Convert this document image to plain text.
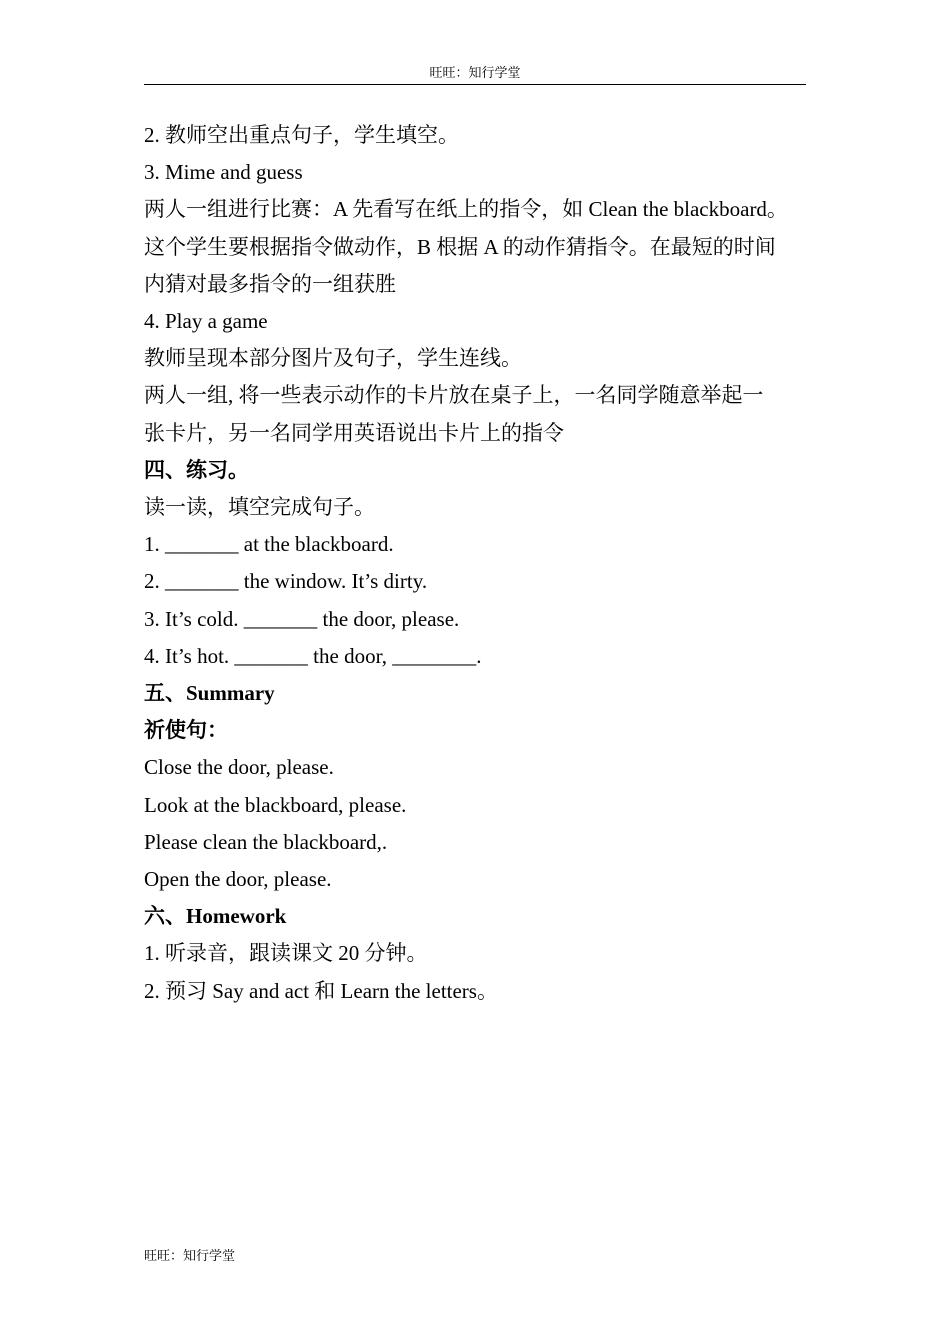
旺旺：知行学堂
2. 教师空出重点句子，学生填空。
3. Mime and guess
两人一组进行比赛：A 先看写在纸上的指令，如 Clean the blackboard。
这个学生要根据指令做动作，B 根据 A 的动作猜指令。在最短的时间
内猜对最多指令的一组获胜
4. Play a game
教师呈现本部分图片及句子，学生连线。
两人一组, 将一些表示动作的卡片放在桌子上，一名同学随意举起一
张卡片，另一名同学用英语说出卡片上的指令
四、练习。
读一读，填空完成句子。
1. _______ at the blackboard.
2. _______ the window. It’s dirty.
3. It’s cold. _______ the door, please.
4. It’s hot. _______ the door, ________.
五、Summary
祈使句：
Close the door, please.
Look at the blackboard, please.
Please clean the blackboard,.
Open the door, please.
六、Homework
1. 听录音，跟读课文 20 分钟。
2. 预习 Say and act 和 Learn the letters。
旺旺：知行学堂
